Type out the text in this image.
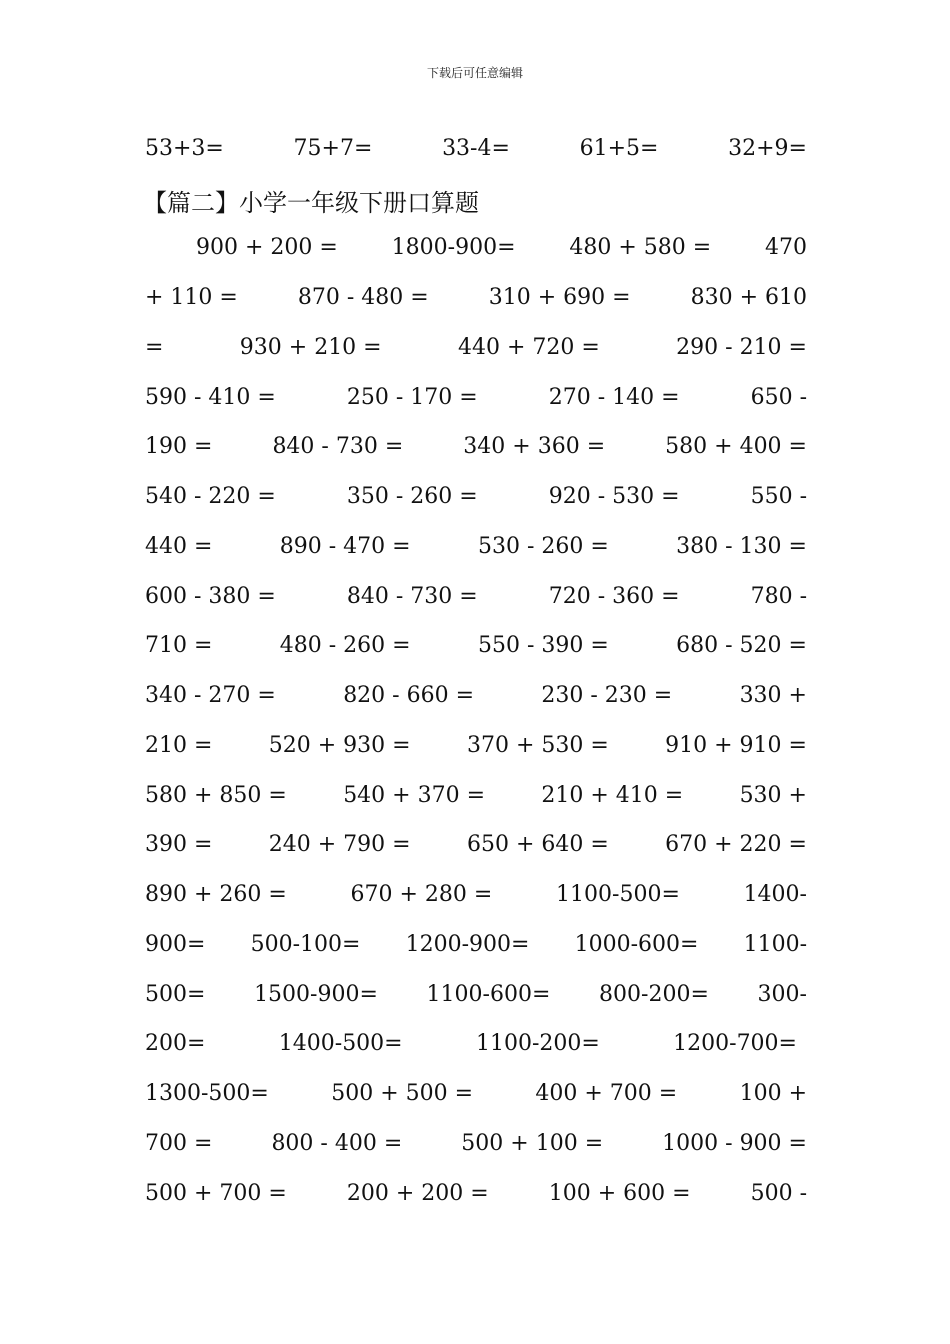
下载后可任意编辑
53+3=	75+7=	33-4=	61+5=	32+9=
【篇二】小学一年级下册口算题
900 + 200 = 1800-900= 480 + 580 = 470
+ 110 =	870 - 480 =	310 + 690 =	830 + 610
=	930 + 210 =	440 + 720 =	290 - 210 =
590 - 410 =	250 - 170 =	270 - 140 =	650 -
190 =	840 - 730 =	340 + 360 =	580 + 400 =
540 - 220 =	350 - 260 =	920 - 530 =	550 -
440 =	890 - 470 =	530 - 260 =	380 - 130 =
600 - 380 =	840 - 730 =	720 - 360 =	780 -
710 =	480 - 260 =	550 - 390 =	680 - 520 =
340 - 270 =	820 - 660 =	230 - 230 =	330 +
210 =	520 + 930 =	370 + 530 =	910 + 910 =
580 + 850 =	540 + 370 =	210 + 410 =	530 +
390 =	240 + 790 =	650 + 640 =	670 + 220 =
890 + 260 =	670 + 280 =	1100-500=	1400-
900= 500-100= 1200-900= 1000-600= 1100-
500= 1500-900= 1100-600= 800-200= 300-
200=	1400-500=	1100-200=	1200-700=
1300-500=	500 + 500 =	400 + 700 =	100 +
700 =	800 - 400 =	500 + 100 =	1000 - 900 =
500 + 700 =	200 + 200 =	100 + 600 =	500 -
